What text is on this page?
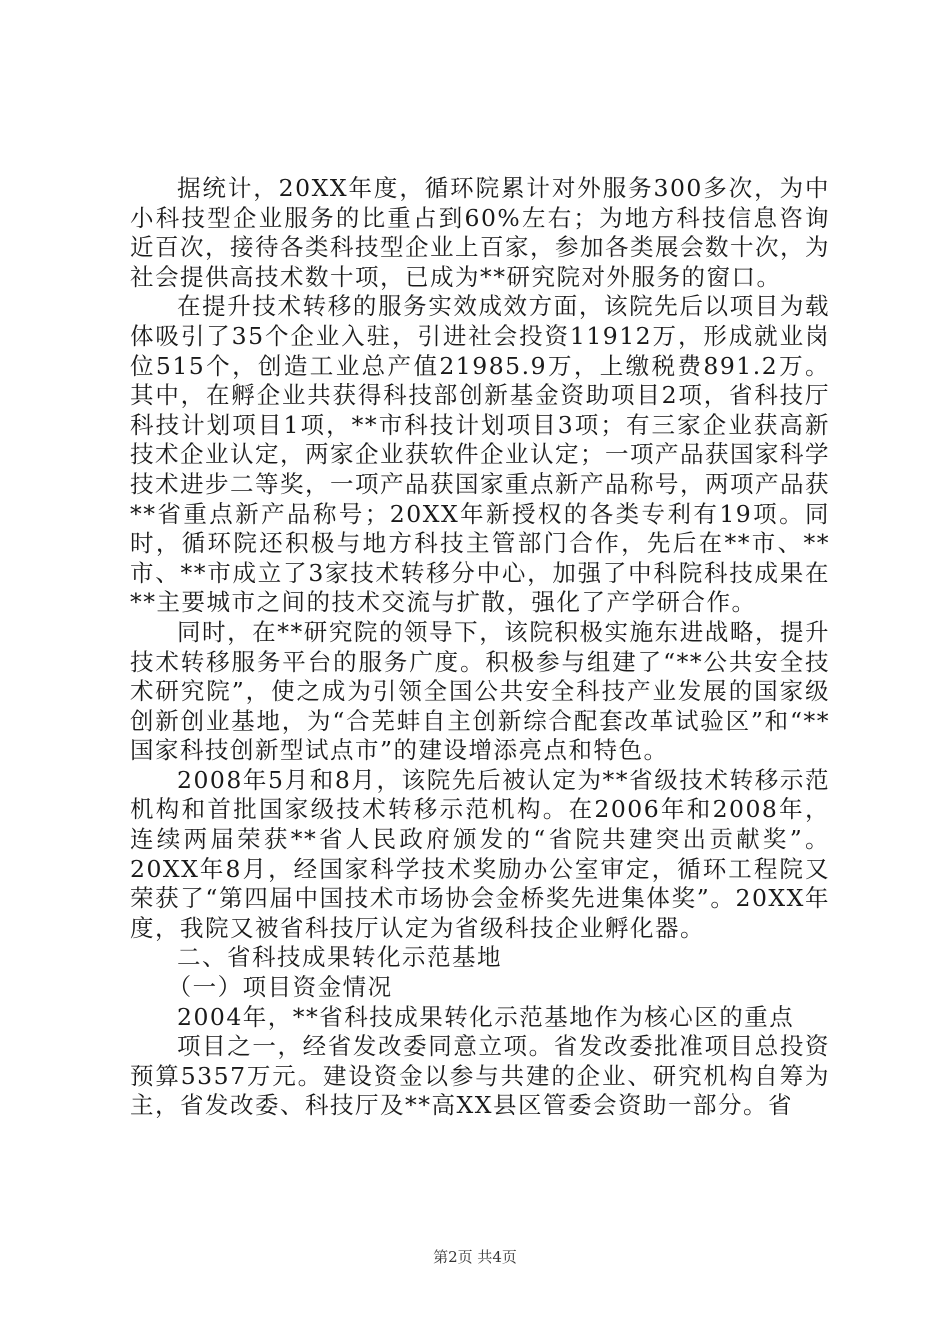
据统计，20XX年度，循环院累计对外服务300多次，为中小科技型企业服务的比重占到60%左右；为地方科技信息咨询近百次，接待各类科技型企业上百家，参加各类展会数十次，为社会提供高技术数十项，已成为**研究院对外服务的窗口。

在提升技术转移的服务实效成效方面，该院先后以项目为载体吸引了35个企业入驻，引进社会投资11912万，形成就业岗位515个，创造工业总产值21985.9万，上缴税费891.2万。其中，在孵企业共获得科技部创新基金资助项目2项，省科技厅科技计划项目1项，**市科技计划项目3项；有三家企业获高新技术企业认定，两家企业获软件企业认定；一项产品获国家科学技术进步二等奖，一项产品获国家重点新产品称号，两项产品获**省重点新产品称号；20XX年新授权的各类专利有19项。同时，循环院还积极与地方科技主管部门合作，先后在**市、**市、**市成立了3家技术转移分中心，加强了中科院科技成果在**主要城市之间的技术交流与扩散，强化了产学研合作。

同时，在**研究院的领导下，该院积极实施东进战略，提升技术转移服务平台的服务广度。积极参与组建了“**公共安全技术研究院”，使之成为引领全国公共安全科技产业发展的国家级创新创业基地，为“合芜蚌自主创新综合配套改革试验区”和“**国家科技创新型试点市”的建设增添亮点和特色。

2008年5月和8月，该院先后被认定为**省级技术转移示范机构和首批国家级技术转移示范机构。在2006年和2008年，连续两届荣获**省人民政府颁发的“省院共建突出贡献奖”。20XX年8月，经国家科学技术奖励办公室审定，循环工程院又荣获了“第四届中国技术市场协会金桥奖先进集体奖”。20XX年度，我院又被省科技厅认定为省级科技企业孵化器。

二、省科技成果转化示范基地

（一）项目资金情况

2004年，**省科技成果转化示范基地作为核心区的重点

项目之一，经省发改委同意立项。省发改委批准项目总投资预算5357万元。建设资金以参与共建的企业、研究机构自筹为主，省发改委、科技厅及**高XX县区管委会资助一部分。省

第2页 共4页
